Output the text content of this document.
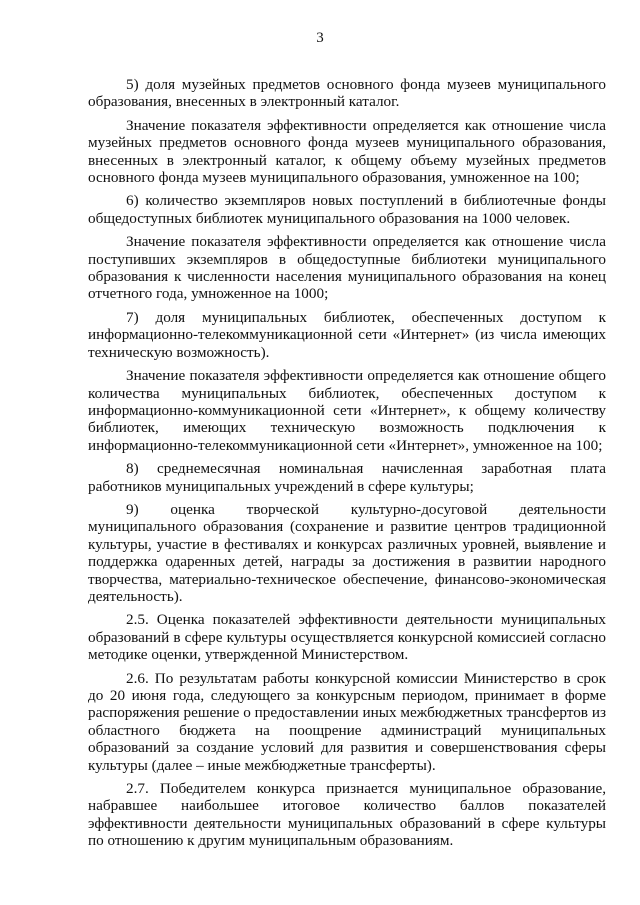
3

5) доля музейных предметов основного фонда музеев муниципального образования, внесенных в электронный каталог.

Значение показателя эффективности определяется как отношение числа музейных предметов основного фонда музеев муниципального образования, внесенных в электронный каталог, к общему объему музейных предметов основного фонда музеев муниципального образования, умноженное на 100;

6) количество экземпляров новых поступлений в библиотечные фонды общедоступных библиотек муниципального образования на 1000 человек.

Значение показателя эффективности определяется как отношение числа поступивших экземпляров в общедоступные библиотеки муниципального образования к численности населения муниципального образования на конец отчетного года, умноженное на 1000;

7) доля муниципальных библиотек, обеспеченных доступом к информационно-телекоммуникационной сети «Интернет» (из числа имеющих техническую возможность).

Значение показателя эффективности определяется как отношение общего количества муниципальных библиотек, обеспеченных доступом к информационно-коммуникационной сети «Интернет», к общему количеству библиотек, имеющих техническую возможность подключения к информационно-телекоммуникационной сети «Интернет», умноженное на 100;

8) среднемесячная номинальная начисленная заработная плата работников муниципальных учреждений в сфере культуры;

9) оценка творческой культурно-досуговой деятельности муниципального образования (сохранение и развитие центров традиционной культуры, участие в фестивалях и конкурсах различных уровней, выявление и поддержка одаренных детей, награды за достижения в развитии народного творчества, материально-техническое обеспечение, финансово-экономическая деятельность).

2.5. Оценка показателей эффективности деятельности муниципальных образований в сфере культуры осуществляется конкурсной комиссией согласно методике оценки, утвержденной Министерством.

2.6. По результатам работы конкурсной комиссии Министерство в срок до 20 июня года, следующего за конкурсным периодом, принимает в форме распоряжения решение о предоставлении иных межбюджетных трансфертов из областного бюджета на поощрение администраций муниципальных образований за создание условий для развития и совершенствования сферы культуры (далее – иные межбюджетные трансферты).

2.7. Победителем конкурса признается муниципальное образование, набравшее наибольшее итоговое количество баллов показателей эффективности деятельности муниципальных образований в сфере культуры по отношению к другим муниципальным образованиям.
